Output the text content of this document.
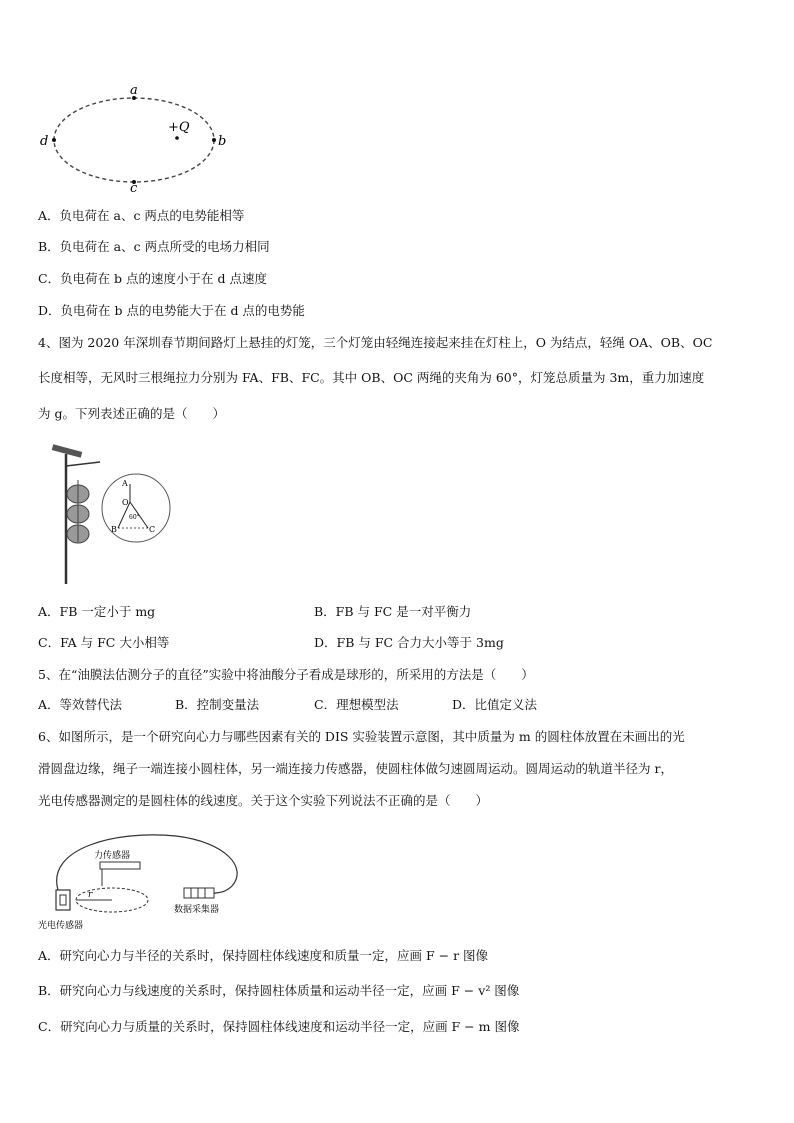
a
b
c
d
+Q
A．负电荷在 a、c 两点的电势能相等
B．负电荷在 a、c 两点所受的电场力相同
C．负电荷在 b 点的速度小于在 d 点速度
D．负电荷在 b 点的电势能大于在 d 点的电势能
4、图为 2020 年深圳春节期间路灯上悬挂的灯笼，三个灯笼由轻绳连接起来挂在灯柱上，O 为结点，轻绳 OA、OB、OC
长度相等，无风时三根绳拉力分别为 FA、FB、FC。其中 OB、OC 两绳的夹角为 60°，灯笼总质量为 3m，重力加速度
为 g。下列表述正确的是（　　）
A
O
B	C
60°
A．FB 一定小于 mg	B．FB 与 FC 是一对平衡力
C．FA 与 FC 大小相等	D．FB 与 FC 合力大小等于 3mg
5、在“油膜法估测分子的直径”实验中将油酸分子看成是球形的，所采用的方法是（　　）
A．等效替代法	B．控制变量法	C．理想模型法	D．比值定义法
6、如图所示，是一个研究向心力与哪些因素有关的 DIS 实验装置示意图，其中质量为 m 的圆柱体放置在未画出的光
滑圆盘边缘，绳子一端连接小圆柱体，另一端连接力传感器，使圆柱体做匀速圆周运动。圆周运动的轨道半径为 r，
光电传感器测定的是圆柱体的线速度。关于这个实验下列说法不正确的是（　　）
力传感器
数据采集器
光电传感器
r
A．研究向心力与半径的关系时，保持圆柱体线速度和质量一定，应画 F − r 图像
B．研究向心力与线速度的关系时，保持圆柱体质量和运动半径一定，应画 F − v² 图像
C．研究向心力与质量的关系时，保持圆柱体线速度和运动半径一定，应画 F − m 图像
